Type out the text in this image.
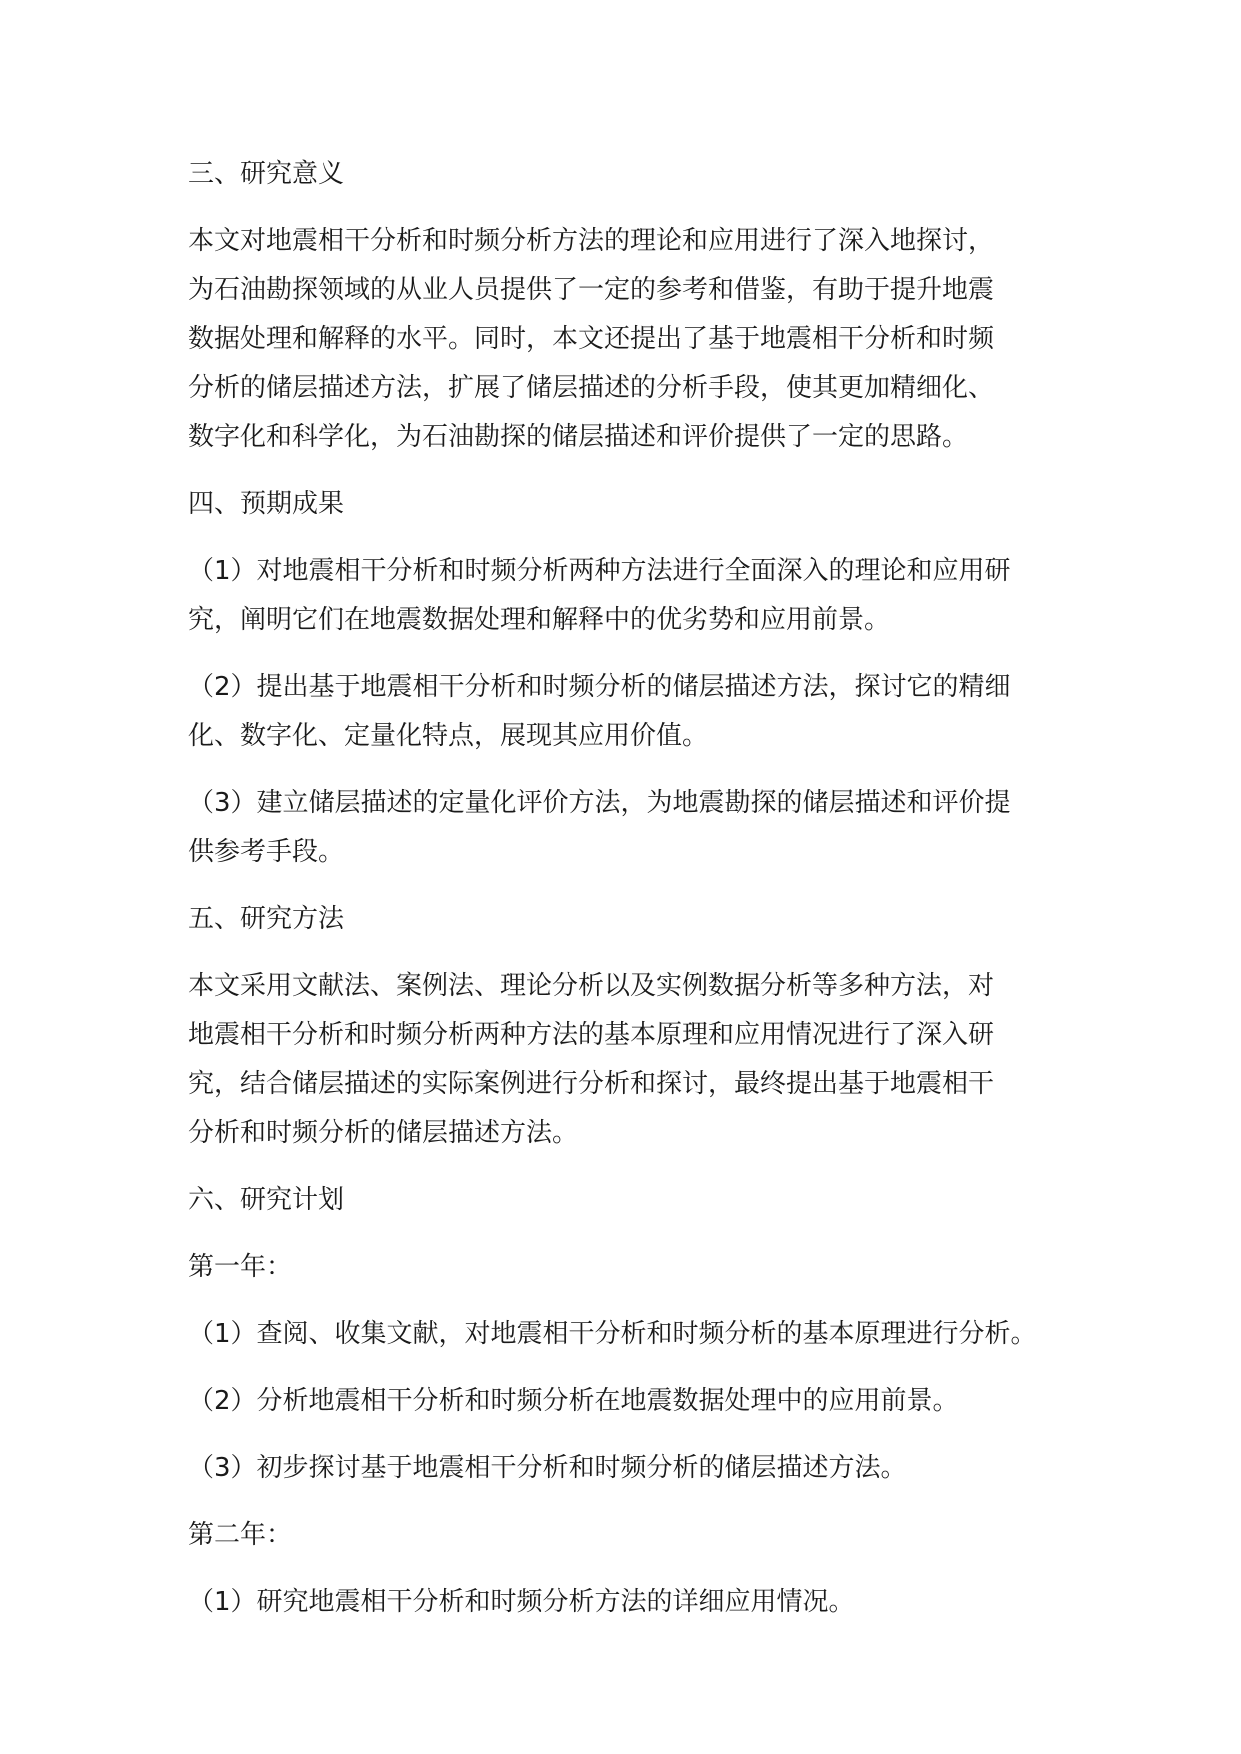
三、研究意义

本文对地震相干分析和时频分析方法的理论和应用进行了深入地探讨，

为石油勘探领域的从业人员提供了一定的参考和借鉴，有助于提升地震

数据处理和解释的水平。同时，本文还提出了基于地震相干分析和时频

分析的储层描述方法，扩展了储层描述的分析手段，使其更加精细化、

数字化和科学化，为石油勘探的储层描述和评价提供了一定的思路。

四、预期成果

（1）对地震相干分析和时频分析两种方法进行全面深入的理论和应用研

究，阐明它们在地震数据处理和解释中的优劣势和应用前景。

（2）提出基于地震相干分析和时频分析的储层描述方法，探讨它的精细

化、数字化、定量化特点，展现其应用价值。

（3）建立储层描述的定量化评价方法，为地震勘探的储层描述和评价提

供参考手段。

五、研究方法

本文采用文献法、案例法、理论分析以及实例数据分析等多种方法，对

地震相干分析和时频分析两种方法的基本原理和应用情况进行了深入研

究，结合储层描述的实际案例进行分析和探讨，最终提出基于地震相干

分析和时频分析的储层描述方法。

六、研究计划

第一年：

（1）查阅、收集文献，对地震相干分析和时频分析的基本原理进行分析。

（2）分析地震相干分析和时频分析在地震数据处理中的应用前景。

（3）初步探讨基于地震相干分析和时频分析的储层描述方法。

第二年：

（1）研究地震相干分析和时频分析方法的详细应用情况。
